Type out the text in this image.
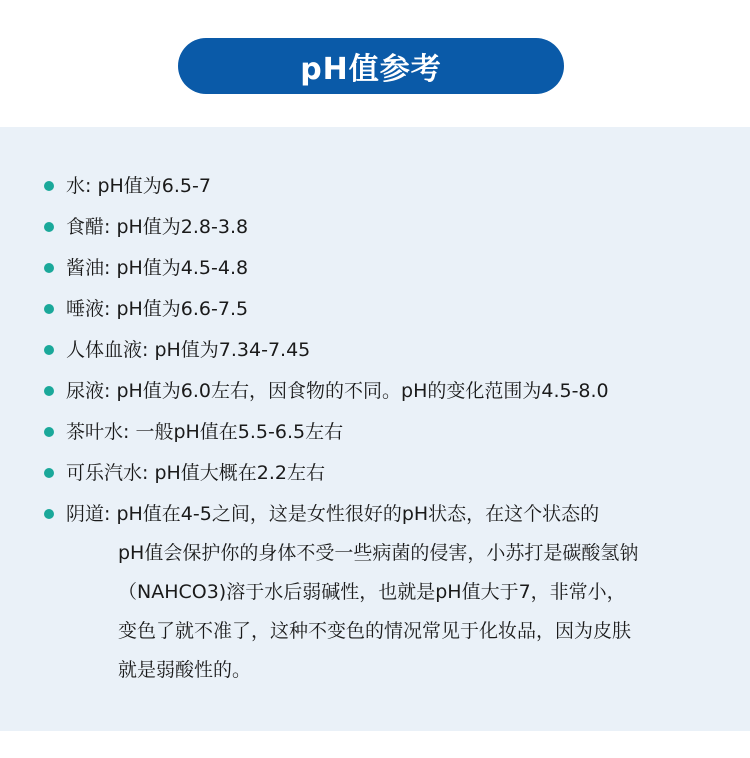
pH值参考
水: pH值为6.5-7
食醋: pH值为2.8-3.8
酱油: pH值为4.5-4.8
唾液: pH值为6.6-7.5
人体血液: pH值为7.34-7.45
尿液: pH值为6.0左右，因食物的不同。pH的变化范围为4.5-8.0
茶叶水: 一般pH值在5.5-6.5左右
可乐汽水: pH值大概在2.2左右
阴道: pH值在4-5之间，这是女性很好的pH状态，在这个状态的
pH值会保护你的身体不受一些病菌的侵害，小苏打是碳酸氢钠
（NAHCO3)溶于水后弱碱性，也就是pH值大于7，非常小，
变色了就不准了，这种不变色的情况常见于化妆品，因为皮肤
就是弱酸性的。
